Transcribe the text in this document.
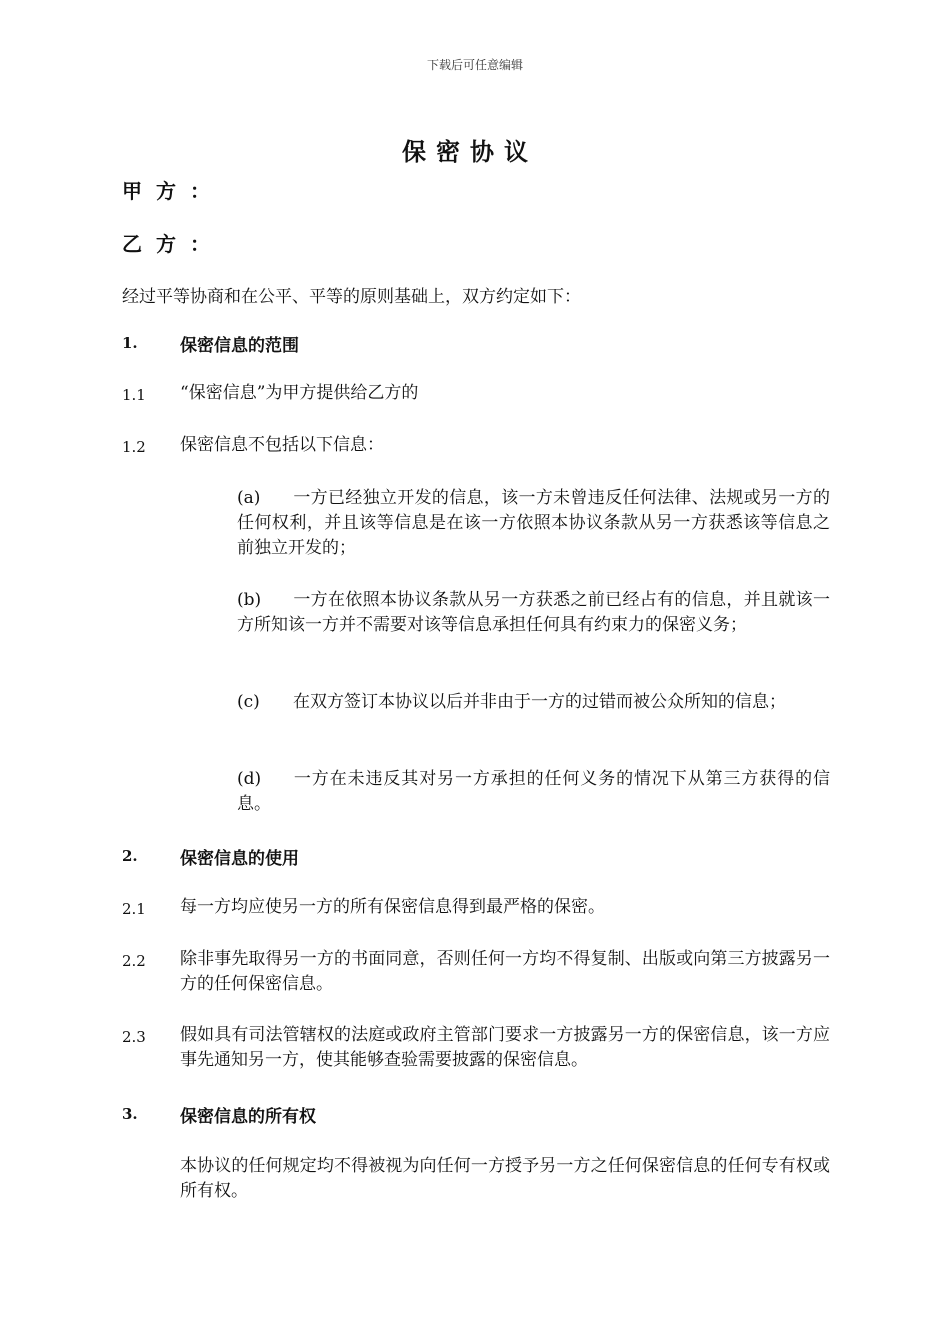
下载后可任意编辑
保密协议
甲方：
乙方：
经过平等协商和在公平、平等的原则基础上，双方约定如下：
1. 保密信息的范围
1.1 “保密信息”为甲方提供给乙方的
1.2 保密信息不包括以下信息：
(a) 一方已经独立开发的信息，该一方未曾违反任何法律、法规或另一方的任何权利，并且该等信息是在该一方依照本协议条款从另一方获悉该等信息之前独立开发的；
(b) 一方在依照本协议条款从另一方获悉之前已经占有的信息，并且就该一方所知该一方并不需要对该等信息承担任何具有约束力的保密义务；
(c) 在双方签订本协议以后并非由于一方的过错而被公众所知的信息；
(d) 一方在未违反其对另一方承担的任何义务的情况下从第三方获得的信息。
2. 保密信息的使用
2.1 每一方均应使另一方的所有保密信息得到最严格的保密。
2.2 除非事先取得另一方的书面同意，否则任何一方均不得复制、出版或向第三方披露另一方的任何保密信息。
2.3 假如具有司法管辖权的法庭或政府主管部门要求一方披露另一方的保密信息，该一方应事先通知另一方，使其能够查验需要披露的保密信息。
3. 保密信息的所有权
本协议的任何规定均不得被视为向任何一方授予另一方之任何保密信息的任何专有权或所有权。
